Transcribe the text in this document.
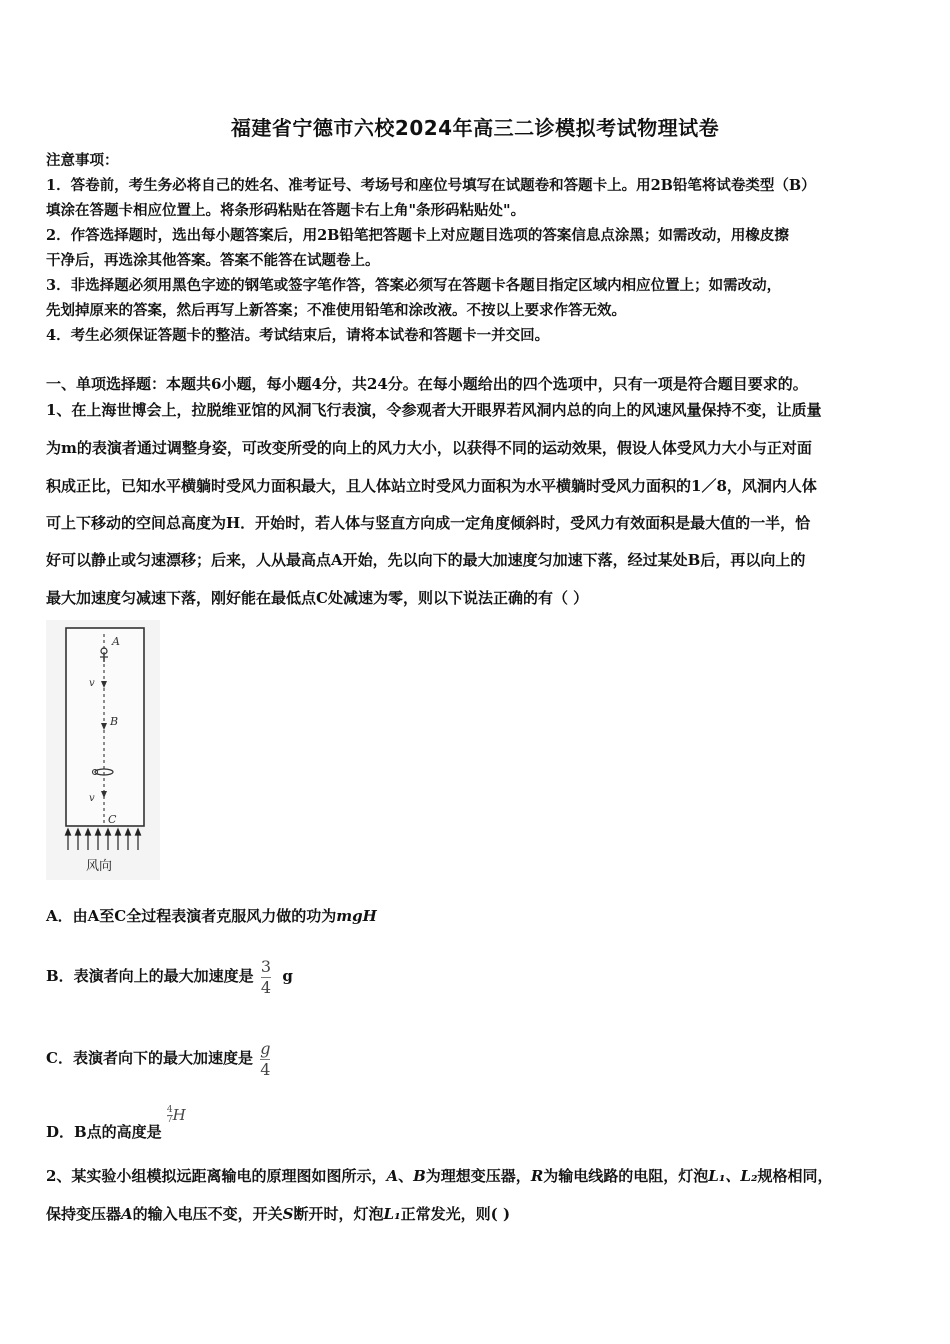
福建省宁德市六校2024年高三二诊模拟考试物理试卷
注意事项：
1．答卷前，考生务必将自己的姓名、准考证号、考场号和座位号填写在试题卷和答题卡上。用2B铅笔将试卷类型（B）
填涂在答题卡相应位置上。将条形码粘贴在答题卡右上角"条形码粘贴处"。
2．作答选择题时，选出每小题答案后，用2B铅笔把答题卡上对应题目选项的答案信息点涂黑；如需改动，用橡皮擦
干净后，再选涂其他答案。答案不能答在试题卷上。
3．非选择题必须用黑色字迹的钢笔或签字笔作答，答案必须写在答题卡各题目指定区域内相应位置上；如需改动，
先划掉原来的答案，然后再写上新答案；不准使用铅笔和涂改液。不按以上要求作答无效。
4．考生必须保证答题卡的整洁。考试结束后，请将本试卷和答题卡一并交回。
一、单项选择题：本题共6小题，每小题4分，共24分。在每小题给出的四个选项中，只有一项是符合题目要求的。
1、在上海世博会上，拉脱维亚馆的风洞飞行表演，令参观者大开眼界若风洞内总的向上的风速风量保持不变，让质量
为m的表演者通过调整身姿，可改变所受的向上的风力大小，以获得不同的运动效果，假设人体受风力大小与正对面
积成正比，已知水平横躺时受风力面积最大，且人体站立时受风力面积为水平横躺时受风力面积的1／8，风洞内人体
可上下移动的空间总高度为H．开始时，若人体与竖直方向成一定角度倾斜时，受风力有效面积是最大值的一半，恰
好可以静止或匀速漂移；后来，人从最高点A开始，先以向下的最大加速度匀加速下落，经过某处B后，再以向上的
最大加速度匀减速下落，刚好能在最低点C处减速为零，则以下说法正确的有（ ）
A
v
B
v
C
风向
A．由A至C全过程表演者克服风力做的功为mgH
B．表演者向上的最大加速度是 $\frac{3}{4}$ g
C．表演者向下的最大加速度是 $\frac{g}{4}$
D．B点的高度是 $\frac{4}{7}H$
2、某实验小组模拟远距离输电的原理图如图所示，A、B为理想变压器，R为输电线路的电阻，灯泡L₁、L₂规格相同，
保持变压器A的输入电压不变，开关S断开时，灯泡L₁正常发光，则( )
